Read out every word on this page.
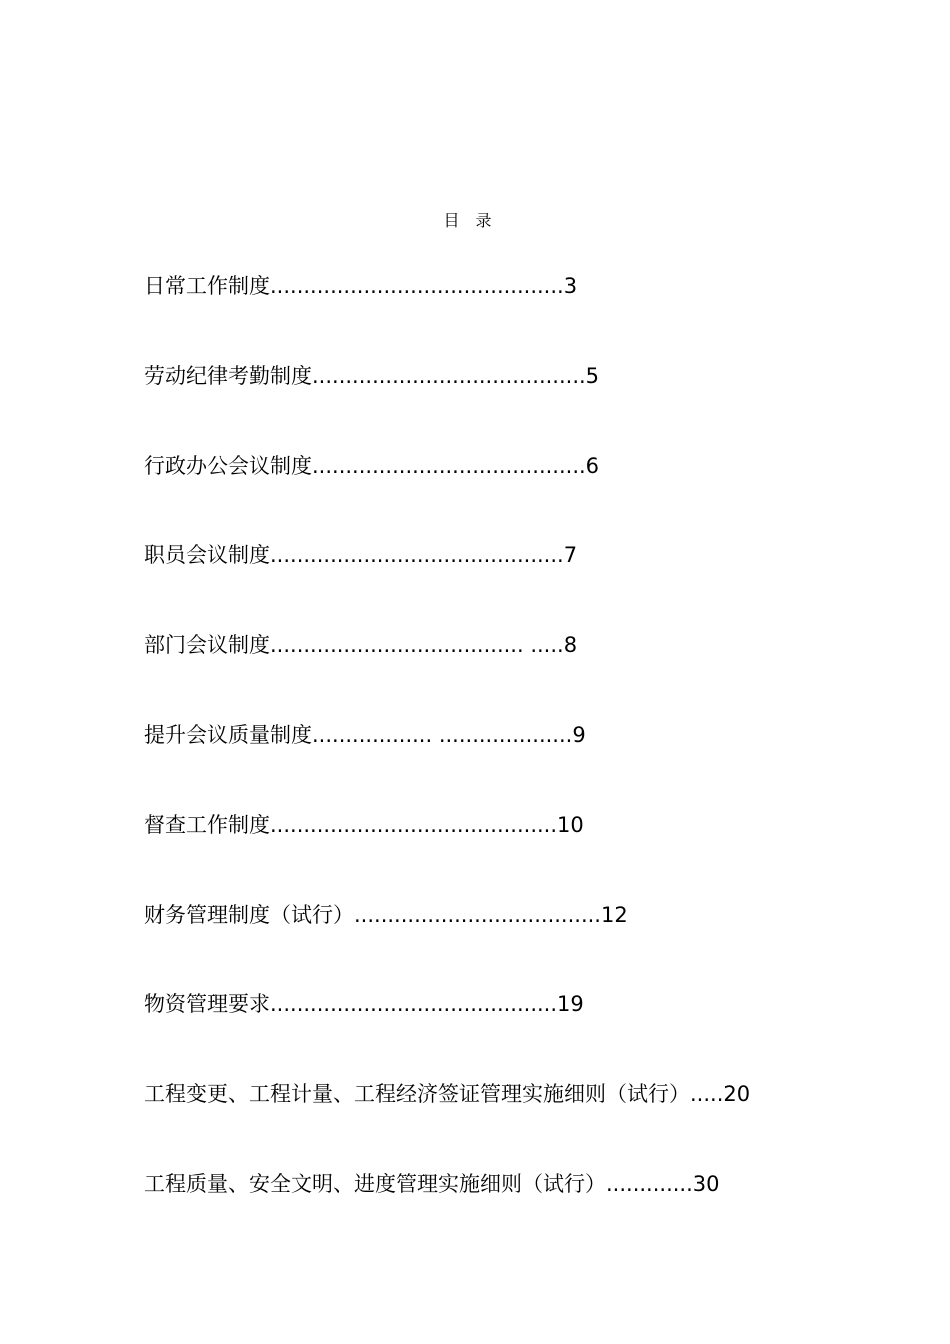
目　录
日常工作制度............................................3
劳动纪律考勤制度.........................................5
行政办公会议制度.........................................6
职员会议制度............................................7
部门会议制度...................................... .....8
提升会议质量制度.................. ....................9
督查工作制度...........................................10
财务管理制度（试行）.....................................12
物资管理要求...........................................19
工程变更、工程计量、工程经济签证管理实施细则（试行）.....20
工程质量、安全文明、进度管理实施细则（试行）.............30
